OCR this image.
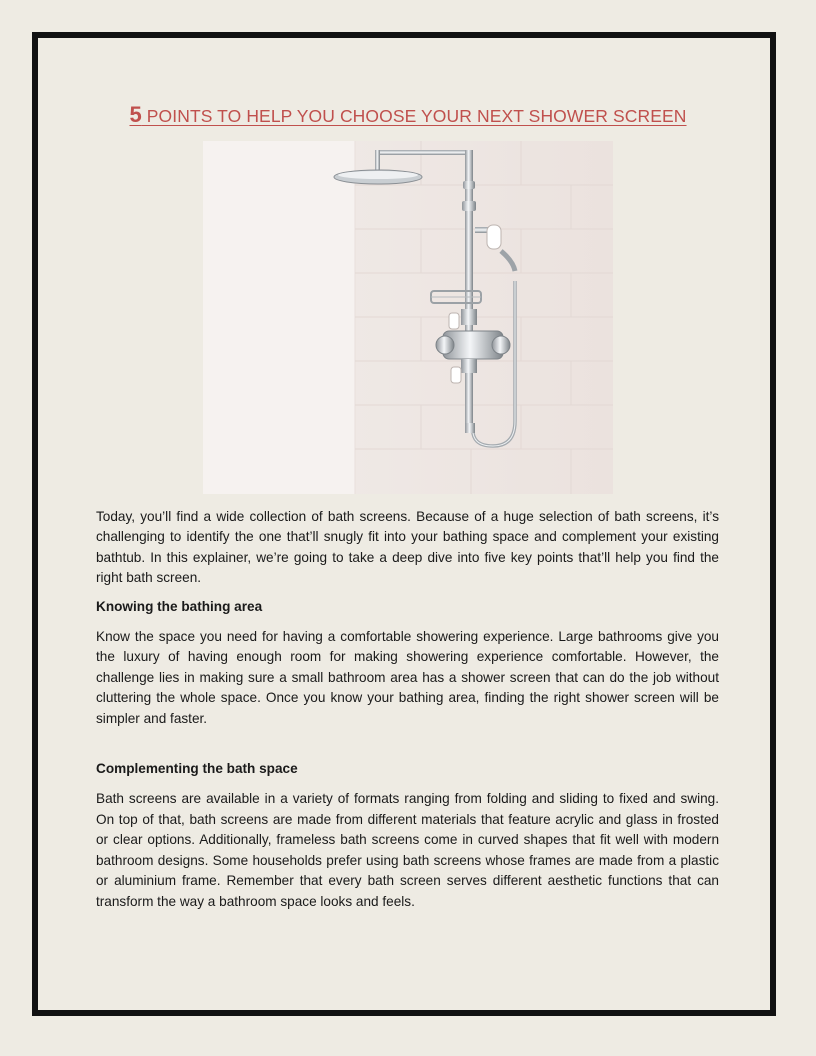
5 POINTS TO HELP YOU CHOOSE YOUR NEXT SHOWER SCREEN

Today, you’ll find a wide collection of bath screens. Because of a huge selection of bath screens, it’s challenging to identify the one that’ll snugly fit into your bathing space and complement your existing bathtub. In this explainer, we’re going to take a deep dive into five key points that’ll help you find the right bath screen.

Knowing the bathing area

Know the space you need for having a comfortable showering experience. Large bathrooms give you the luxury of having enough room for making showering experience comfortable. However, the challenge lies in making sure a small bathroom area has a shower screen that can do the job without cluttering the whole space. Once you know your bathing area, finding the right shower screen will be simpler and faster.

Complementing the bath space

Bath screens are available in a variety of formats ranging from folding and sliding to fixed and swing. On top of that, bath screens are made from different materials that feature acrylic and glass in frosted or clear options. Additionally, frameless bath screens come in curved shapes that fit well with modern bathroom designs. Some households prefer using bath screens whose frames are made from a plastic or aluminium frame. Remember that every bath screen serves different aesthetic functions that can transform the way a bathroom space looks and feels.
